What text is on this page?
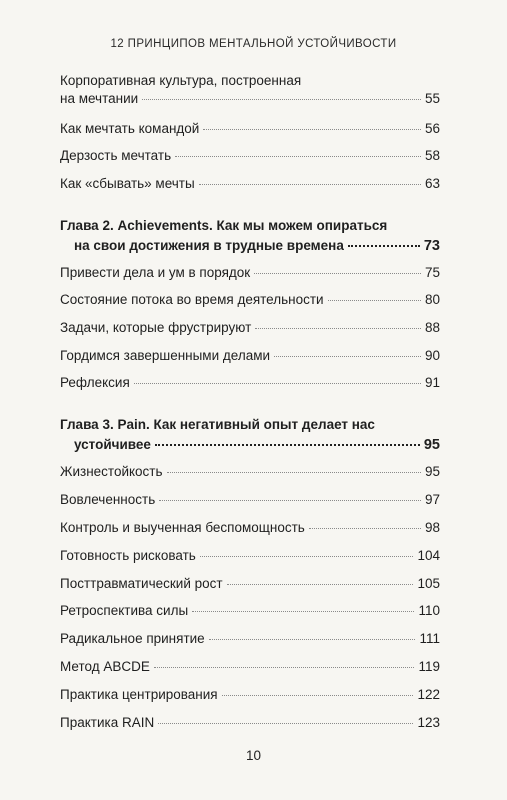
12 ПРИНЦИПОВ МЕНТАЛЬНОЙ УСТОЙЧИВОСТИ
Корпоративная культура, построенная
на мечтании	55
Как мечтать командой	56
Дерзость мечтать	58
Как «сбывать» мечты	63
Глава 2. Achievements. Как мы можем опираться
на свои достижения в трудные времена	73
Привести дела и ум в порядок	75
Состояние потока во время деятельности	80
Задачи, которые фрустрируют	88
Гордимся завершенными делами	90
Рефлексия	91
Глава 3. Pain. Как негативный опыт делает нас
устойчивее	95
Жизнестойкость	95
Вовлеченность	97
Контроль и выученная беспомощность	98
Готовность рисковать	104
Посттравматический рост	105
Ретроспектива силы	110
Радикальное принятие	111
Метод ABCDE	119
Практика центрирования	122
Практика RAIN	123
10
